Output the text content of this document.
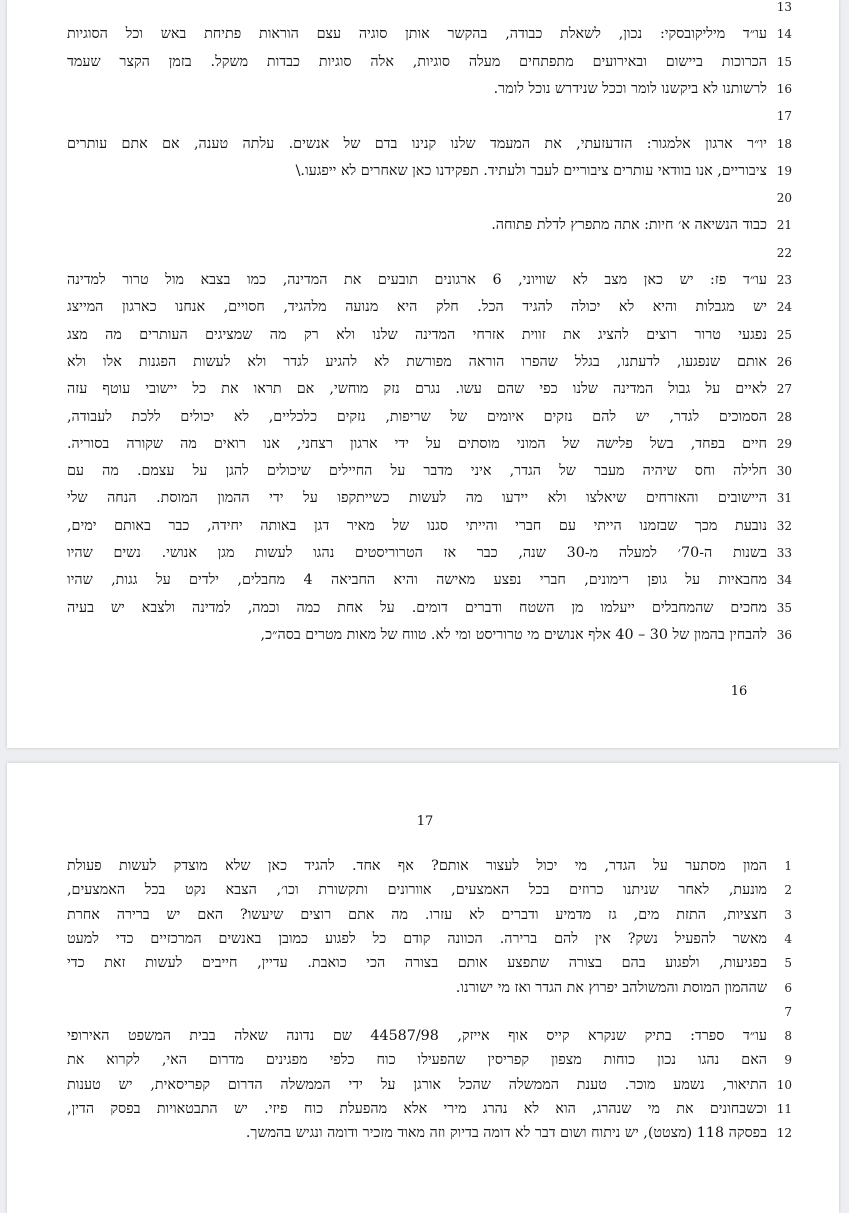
13
14
עו״ד מיליקובסקי: נכון, לשאלת כבודה, בהקשר אותן סוגיה עצם הוראות פתיחת באש וכל הסוגיות
15
הכרוכות ביישום ובאירועים מתפתחים מעלה סוגיות, אלה סוגיות כבדות משקל. בזמן הקצר שעמד
16
לרשותנו לא ביקשנו לומר וככל שנידרש נוכל לומר.
17
18
יו״ר ארגון אלמגור: הזדעזעתי, את המעמד שלנו קנינו בדם של אנשים. עלתה טענה, אם אתם עותרים
19
ציבוריים, אנו בוודאי עותרים ציבוריים לעבר ולעתיד. תפקידנו כאן שאחרים לא ייפגעו.\
20
21
כבוד הנשיאה א׳ חיות: אתה מתפרץ לדלת פתוחה.
22
23
עו״ד פז: יש כאן מצב לא שוויוני, 6 ארגונים תובעים את המדינה, כמו בצבא מול טרור למדינה
24
יש מגבלות והיא לא יכולה להגיד הכל. חלק היא מנועה מלהגיד, חסויים, אנחנו כארגון המייצג
25
נפגעי טרור רוצים להציג את זווית אזרחי המדינה שלנו ולא רק מה שמציגים העותרים מה מצג
26
אותם שנפגעו, לדעתנו, בגלל שהפרו הוראה מפורשת לא להגיע לגדר ולא לעשות הפגנות אלו ולא
27
לאיים על גבול המדינה שלנו כפי שהם עשו. נגרם נזק מוחשי, אם תראו את כל יישובי עוטף עזה
28
הסמוכים לגדר, יש להם נזקים איומים של שריפות, נזקים כלכליים, לא יכולים ללכת לעבודה,
29
חיים בפחד, בשל פלישה של המוני מוסתים על ידי ארגון רצחני, אנו רואים מה שקורה בסוריה.
30
חלילה וחס שיהיה מעבר של הגדר, איני מדבר על החיילים שיכולים להגן על עצמם. מה עם
31
היישובים והאזרחים שיאלצו ולא יידעו מה לעשות כשייתקפו על ידי ההמון המוסת. הנחה שלי
32
נובעת מכך שבזמנו הייתי עם חברי והייתי סגנו של מאיר דגן באותה יחידה, כבר באותם ימים,
33
בשנות ה-70׳ למעלה מ-30 שנה, כבר אז הטרוריסטים נהגו לעשות מגן אנושי. נשים שהיו
34
מחבאיות על גופן רימונים, חברי נפצע מאישה והיא החביאה 4 מחבלים, ילדים על גגות, שהיו
35
מחכים שהמחבלים ייעלמו מן השטח ודברים דומים. על אחת כמה וכמה, למדינה ולצבא יש בעיה
36
להבחין בהמון של 30 – 40 אלף אנושים מי טרוריסט ומי לא. טווח של מאות מטרים בסה״כ,
16
1
המון מסתער על הגדר, מי יכול לעצור אותם? אף אחד. להגיד כאן שלא מוצדק לעשות פעולת
2
מונעת, לאחר שניתנו כרוזים בכל האמצעים, אוורונים ותקשורת וכו׳, הצבא נקט בכל האמצעים,
3
חצציות, התזת מים, גז מדמיע ודברים לא עזרו. מה אתם רוצים שיעשו? האם יש ברירה אחרת
4
מאשר להפעיל נשק? אין להם ברירה. הכוונה קודם כל לפגוע כמובן באנשים המרכזיים כדי למעט
5
בפגיעות, ולפגוע בהם בצורה שתפצע אותם בצורה הכי כואבת. עדיין, חייבים לעשות זאת כדי
6
שההמון המוסת והמשולהב יפרוץ את הגדר ואז מי ישורנו.
7
8
עו״ד ספרד: בתיק שנקרא קייס אוף אייזק, 44587/98 שם נדונה שאלה בבית המשפט האירופי
9
האם נהגו נכון כוחות מצפון קפריסין שהפעילו כוח כלפי מפגינים מדרום האי, לקרוא את
10
התיאור, נשמע מוכר. טענת הממשלה שהכל אורגן על ידי הממשלה הדרום קפריסאית, יש טענות
11
וכשבחונים את מי שנהרג, הוא לא נהרג מירי אלא מהפעלת כוח פיזי. יש התבטאויות בפסק הדין,
12
בפסקה 118 (מצטט), יש ניתוח ושום דבר לא דומה בדיוק וזה מאוד מזכיר ודומה ונגיש בהמשך.
17
